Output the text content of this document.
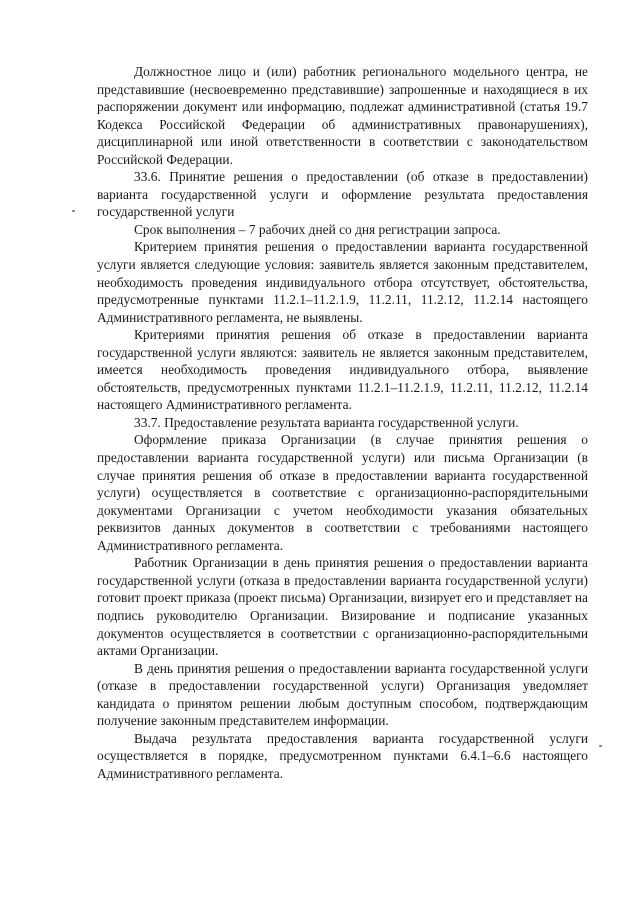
Должностное лицо и (или) работник регионального модельного центра, не представившие (несвоевременно представившие) запрошенные и находящиеся в их распоряжении документ или информацию, подлежат административной (статья 19.7 Кодекса Российской Федерации об административных правонарушениях), дисциплинарной или иной ответственности в соответствии с законодательством Российской Федерации.

33.6. Принятие решения о предоставлении (об отказе в предоставлении) варианта государственной услуги и оформление результата предоставления государственной услуги

Срок выполнения – 7 рабочих дней со дня регистрации запроса.

Критерием принятия решения о предоставлении варианта государственной услуги является следующие условия: заявитель является законным представителем, необходимость проведения индивидуального отбора отсутствует, обстоятельства, предусмотренные пунктами 11.2.1–11.2.1.9, 11.2.11, 11.2.12, 11.2.14 настоящего Административного регламента, не выявлены.

Критериями принятия решения об отказе в предоставлении варианта государственной услуги являются: заявитель не является законным представителем, имеется необходимость проведения индивидуального отбора, выявление обстоятельств, предусмотренных пунктами 11.2.1–11.2.1.9, 11.2.11, 11.2.12, 11.2.14 настоящего Административного регламента.

33.7. Предоставление результата варианта государственной услуги.

Оформление приказа Организации (в случае принятия решения о предоставлении варианта государственной услуги) или письма Организации (в случае принятия решения об отказе в предоставлении варианта государственной услуги) осуществляется в соответствие с организационно-распорядительными документами Организации с учетом необходимости указания обязательных реквизитов данных документов в соответствии с требованиями настоящего Административного регламента.

Работник Организации в день принятия решения о предоставлении варианта государственной услуги (отказа в предоставлении варианта государственной услуги) готовит проект приказа (проект письма) Организации, визирует его и представляет на подпись руководителю Организации. Визирование и подписание указанных документов осуществляется в соответствии с организационно-распорядительными актами Организации.

В день принятия решения о предоставлении варианта государственной услуги (отказе в предоставлении государственной услуги) Организация уведомляет кандидата о принятом решении любым доступным способом, подтверждающим получение законным представителем информации.

Выдача результата предоставления варианта государственной услуги осуществляется в порядке, предусмотренном пунктами 6.4.1–6.6 настоящего Административного регламента.
